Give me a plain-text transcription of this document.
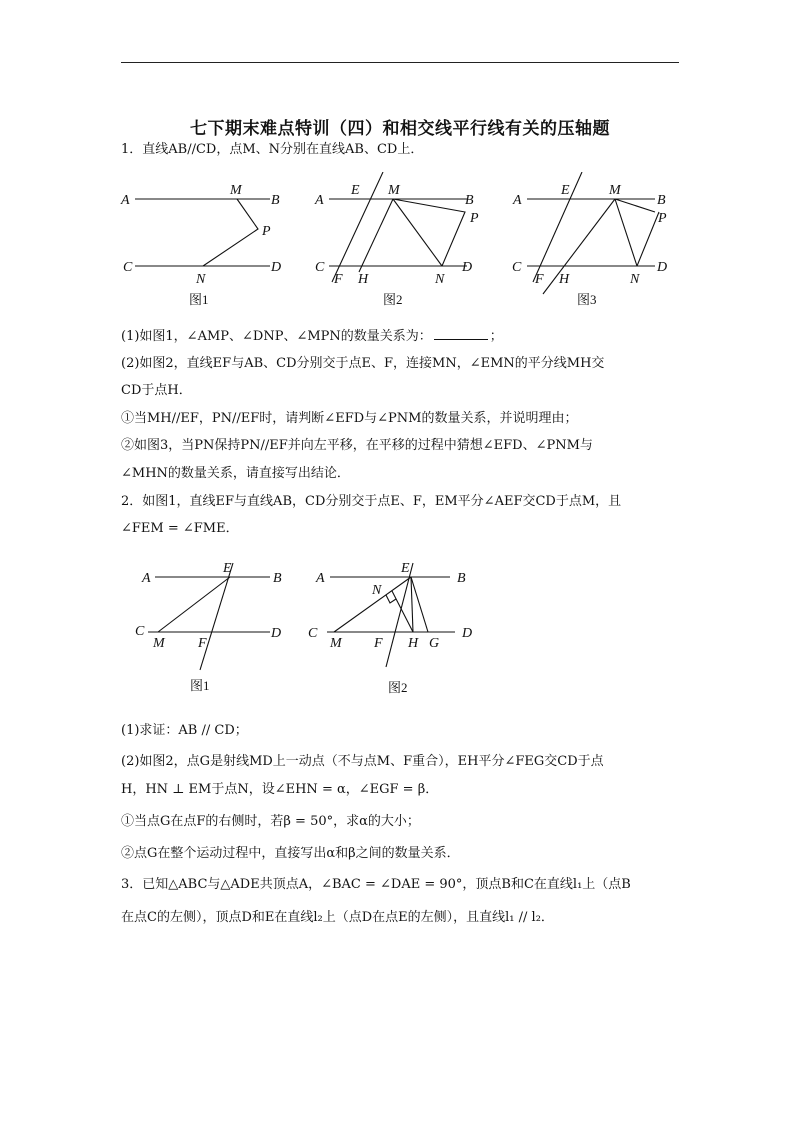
七下期末难点特训（四）和相交线平行线有关的压轴题
1．直线AB//CD，点M、N分别在直线AB、CD上．
A
M
B
P
C
N
D
图1
A
E M
B
P
C
F H	N
D
图2
A
E	M
B
P
C
F H	N
D
图3
(1)如图1，∠AMP、∠DNP、∠MPN的数量关系为：	；
(2)如图2，直线EF与AB、CD分别交于点E、F，连接MN，∠EMN的平分线MH交
CD于点H．
①当MH//EF，PN//EF时，请判断∠EFD与∠PNM的数量关系，并说明理由；
②如图3，当PN保持PN//EF并向左平移，在平移的过程中猜想∠EFD、∠PNM与
∠MHN的数量关系，请直接写出结论．
2．如图1，直线EF与直线AB，CD分别交于点E、F，EM平分∠AEF交CD于点M，且
∠FEM = ∠FME．
A
E
B
C
M F
D
图1
A
E
B
N
C
M F H G
D
图2
(1)求证：AB // CD；
(2)如图2，点G是射线MD上一动点（不与点M、F重合），EH平分∠FEG交CD于点
H，HN ⊥ EM于点N，设∠EHN = α，∠EGF = β．
①当点G在点F的右侧时，若β = 50°，求α的大小；
②点G在整个运动过程中，直接写出α和β之间的数量关系．
3．已知△ABC与△ADE共顶点A，∠BAC = ∠DAE = 90°，顶点B和C在直线l₁上（点B
在点C的左侧），顶点D和E在直线l₂上（点D在点E的左侧），且直线l₁ // l₂．
